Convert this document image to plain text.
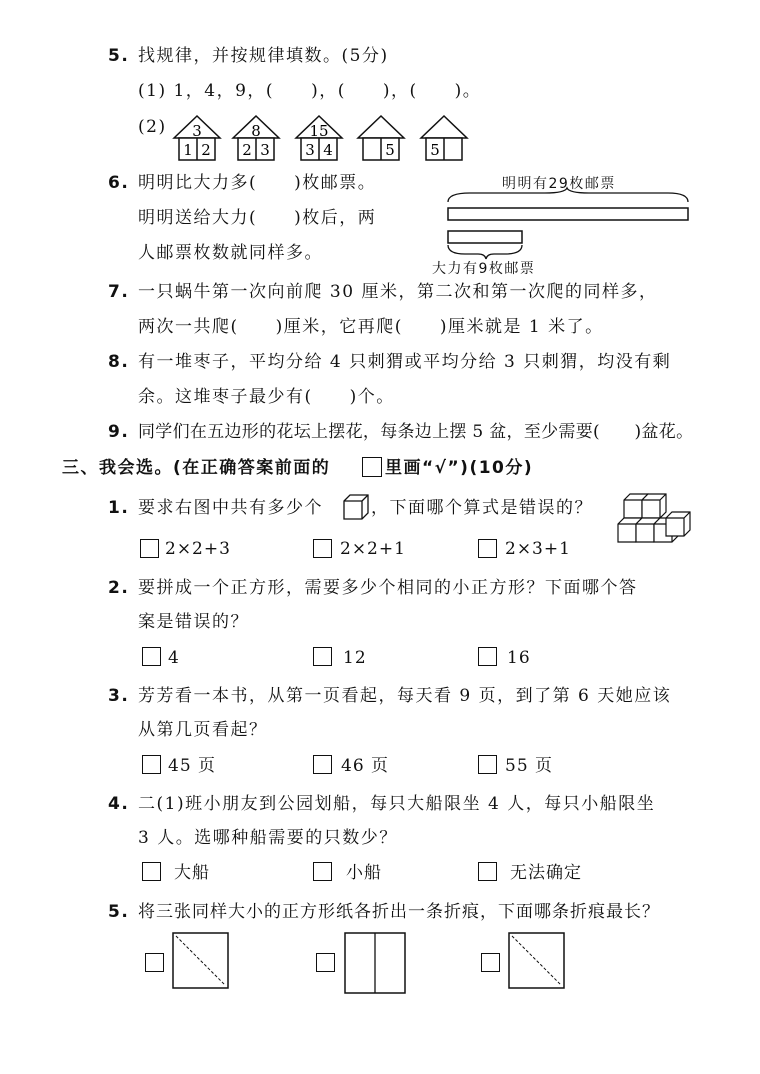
5. 找规律，并按规律填数。(5分)
(1) 1，4，9，(　　)，(　　)，(　　)。
(2) 3
1 2
8
2 3
15
3 4	5 5
6. 明明比大力多(　　)枚邮票。
明明送给大力(　　)枚后，两
人邮票枚数就同样多。
明明有29枚邮票
大力有9枚邮票
7. 一只蜗牛第一次向前爬 30 厘米，第二次和第一次爬的同样多，
两次一共爬(　　)厘米，它再爬(　　)厘米就是 1 米了。
8. 有一堆枣子，平均分给 4 只刺猬或平均分给 3 只刺猬，均没有剩
余。这堆枣子最少有(　　)个。
9. 同学们在五边形的花坛上摆花，每条边上摆 5 盆，至少需要(　　)盆花。
三、我会选。(在正确答案前面的	里画“√”)(10分)
1. 要求右图中共有多少个	，下面哪个算式是错误的？
2×2+3	2×2+1	2×3+1
2. 要拼成一个正方形，需要多少个相同的小正方形？下面哪个答
案是错误的？
4	12	16
3. 芳芳看一本书，从第一页看起，每天看 9 页，到了第 6 天她应该
从第几页看起？
45 页	46 页	55 页
4. 二(1)班小朋友到公园划船，每只大船限坐 4 人，每只小船限坐
3 人。选哪种船需要的只数少？
大船	小船	无法确定
5. 将三张同样大小的正方形纸各折出一条折痕，下面哪条折痕最长？
